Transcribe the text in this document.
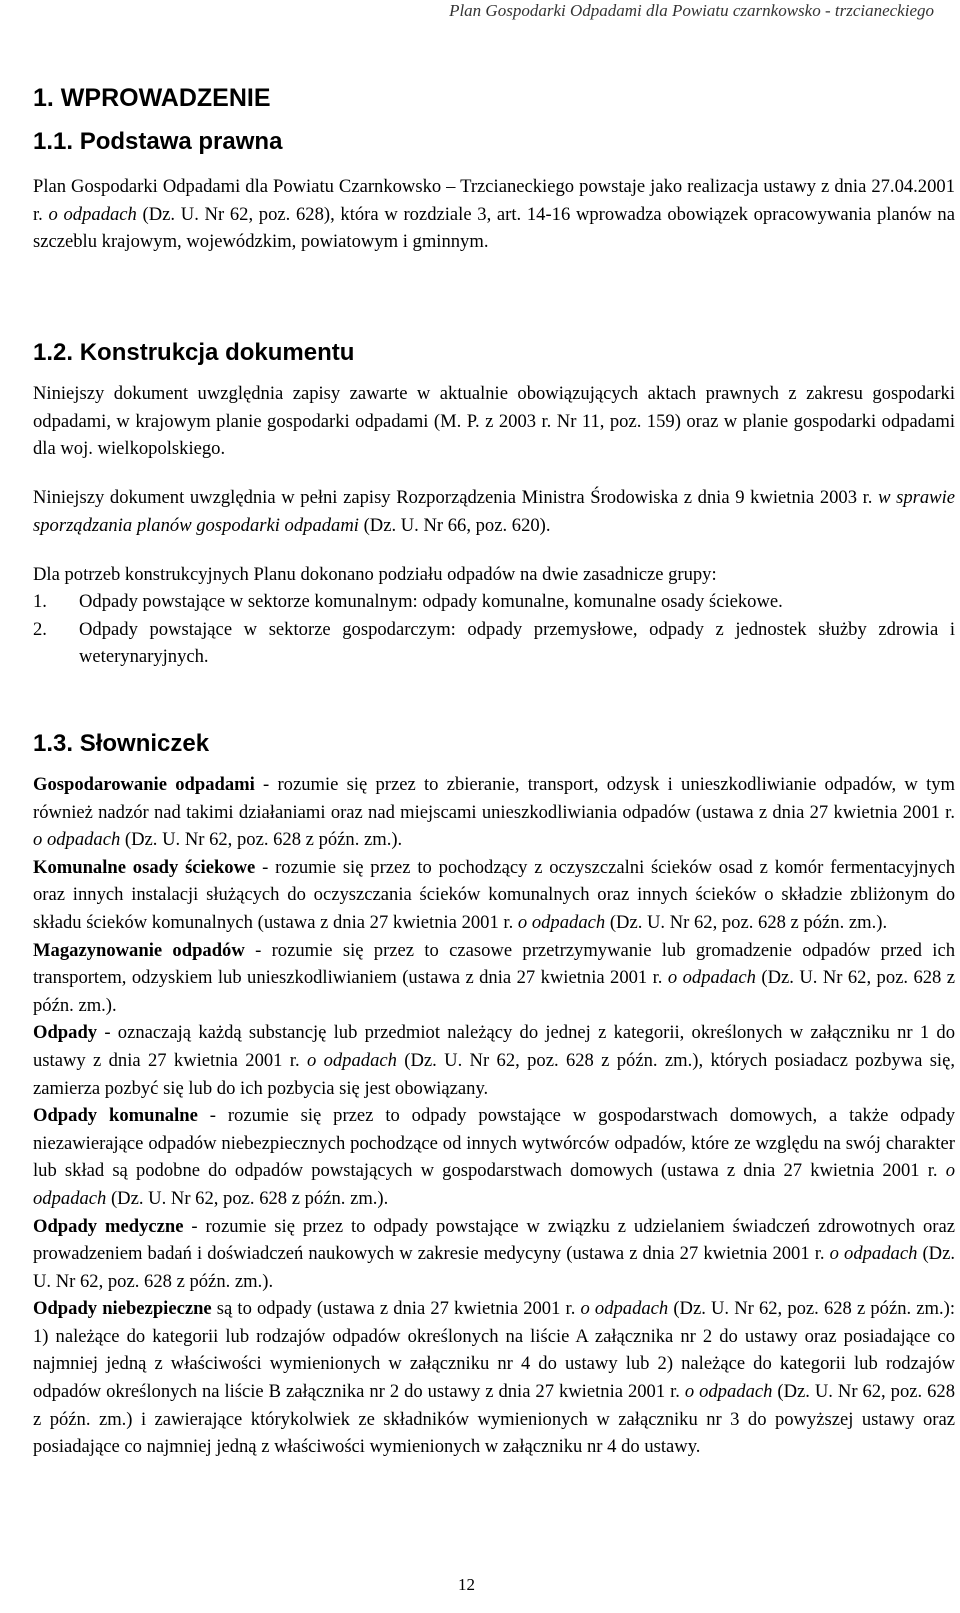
Plan Gospodarki Odpadami dla Powiatu czarnkowsko - trzcianeckiego
1. WPROWADZENIE
1.1. Podstawa prawna

Plan Gospodarki Odpadami dla Powiatu Czarnkowsko – Trzcianeckiego powstaje jako realizacja ustawy z dnia 27.04.2001 r. o odpadach (Dz. U. Nr 62, poz. 628), która w rozdziale 3, art. 14-16 wprowadza obowiązek opracowywania planów na szczeblu krajowym, wojewódzkim, powiatowym i gminnym.

1.2. Konstrukcja dokumentu

Niniejszy dokument uwzględnia zapisy zawarte w aktualnie obowiązujących aktach prawnych z zakresu gospodarki odpadami, w krajowym planie gospodarki odpadami (M. P. z 2003 r. Nr 11, poz. 159) oraz w planie gospodarki odpadami dla woj. wielkopolskiego.

Niniejszy dokument uwzględnia w pełni zapisy Rozporządzenia Ministra Środowiska z dnia 9 kwietnia 2003 r. w sprawie sporządzania planów gospodarki odpadami (Dz. U. Nr 66, poz. 620).

Dla potrzeb konstrukcyjnych Planu dokonano podziału odpadów na dwie zasadnicze grupy:

1.	Odpady powstające w sektorze komunalnym: odpady komunalne, komunalne osady ściekowe.
2.	Odpady powstające w sektorze gospodarczym: odpady przemysłowe, odpady z jednostek służby zdrowia i weterynaryjnych.
1.3. Słowniczek

Gospodarowanie odpadami - rozumie się przez to zbieranie, transport, odzysk i unieszkodliwianie odpadów, w tym również nadzór nad takimi działaniami oraz nad miejscami unieszkodliwiania odpadów (ustawa z dnia 27 kwietnia 2001 r. o odpadach (Dz. U. Nr 62, poz. 628 z późn. zm.).

Komunalne osady ściekowe - rozumie się przez to pochodzący z oczyszczalni ścieków osad z komór fermentacyjnych oraz innych instalacji służących do oczyszczania ścieków komunalnych oraz innych ścieków o składzie zbliżonym do składu ścieków komunalnych (ustawa z dnia 27 kwietnia 2001 r. o odpadach (Dz. U. Nr 62, poz. 628 z późn. zm.).

Magazynowanie odpadów - rozumie się przez to czasowe przetrzymywanie lub gromadzenie odpadów przed ich transportem, odzyskiem lub unieszkodliwianiem (ustawa z dnia 27 kwietnia 2001 r. o odpadach (Dz. U. Nr 62, poz. 628 z późn. zm.).

Odpady - oznaczają każdą substancję lub przedmiot należący do jednej z kategorii, określonych w załączniku nr 1 do ustawy z dnia 27 kwietnia 2001 r. o odpadach (Dz. U. Nr 62, poz. 628 z późn. zm.), których posiadacz pozbywa się, zamierza pozbyć się lub do ich pozbycia się jest obowiązany.

Odpady komunalne - rozumie się przez to odpady powstające w gospodarstwach domowych, a także odpady niezawierające odpadów niebezpiecznych pochodzące od innych wytwórców odpadów, które ze względu na swój charakter lub skład są podobne do odpadów powstających w gospodarstwach domowych (ustawa z dnia 27 kwietnia 2001 r. o odpadach (Dz. U. Nr 62, poz. 628 z późn. zm.).

Odpady medyczne - rozumie się przez to odpady powstające w związku z udzielaniem świadczeń zdrowotnych oraz prowadzeniem badań i doświadczeń naukowych w zakresie medycyny (ustawa z dnia 27 kwietnia 2001 r. o odpadach (Dz. U. Nr 62, poz. 628 z późn. zm.).

Odpady niebezpieczne są to odpady (ustawa z dnia 27 kwietnia 2001 r. o odpadach (Dz. U. Nr 62, poz. 628 z późn. zm.): 1) należące do kategorii lub rodzajów odpadów określonych na liście A załącznika nr 2 do ustawy oraz posiadające co najmniej jedną z właściwości wymienionych w załączniku nr 4 do ustawy lub 2) należące do kategorii lub rodzajów odpadów określonych na liście B załącznika nr 2 do ustawy z dnia 27 kwietnia 2001 r. o odpadach (Dz. U. Nr 62, poz. 628 z późn. zm.) i zawierające którykolwiek ze składników wymienionych w załączniku nr 3 do powyższej ustawy oraz posiadające co najmniej jedną z właściwości wymienionych w załączniku nr 4 do ustawy.

12
